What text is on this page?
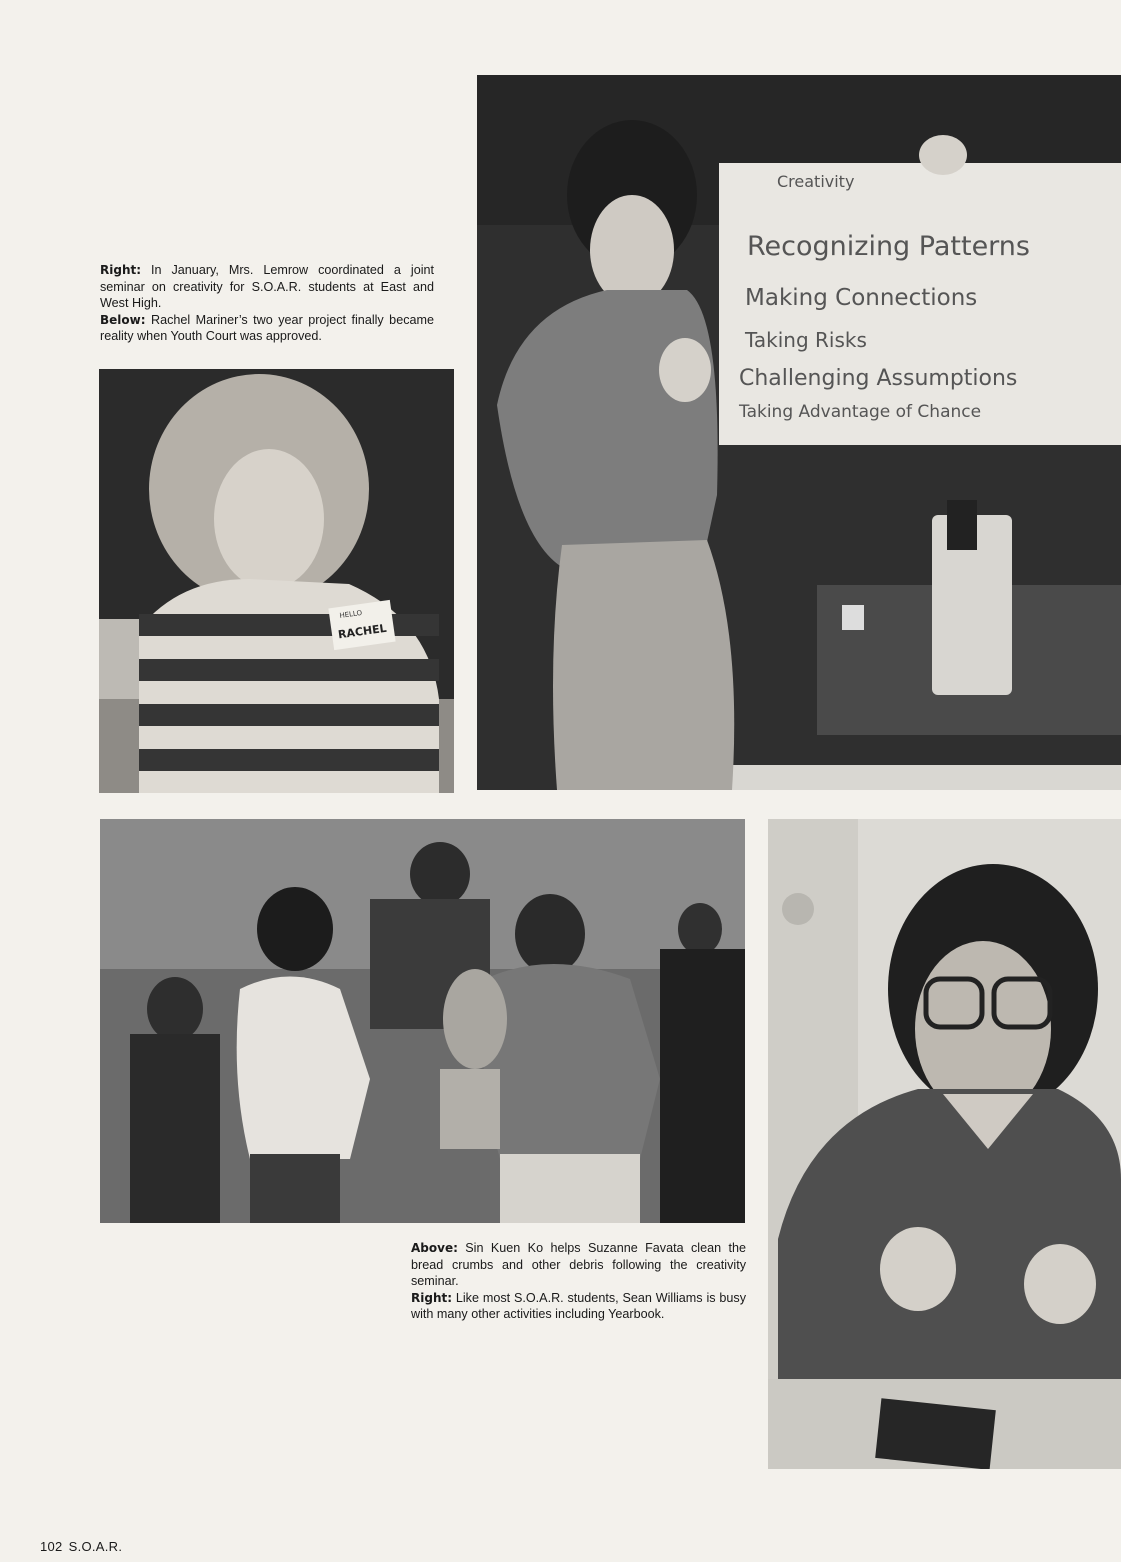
Right: In January, Mrs. Lemrow coordinated a joint seminar on creativity for S.O.A.R. students at East and West High.

Below: Rachel Mariner’s two year project finally became reality when Youth Court was approved.

Creativity
Recognizing Patterns
Making Connections
Taking Risks
Challenging Assumptions
Taking Advantage of Chance
HELLO
RACHEL

Above: Sin Kuen Ko helps Suzanne Favata clean the bread crumbs and other debris following the creativity seminar.

Right: Like most S.O.A.R. students, Sean Williams is busy with many other activities including Yearbook.

102 S.O.A.R.
